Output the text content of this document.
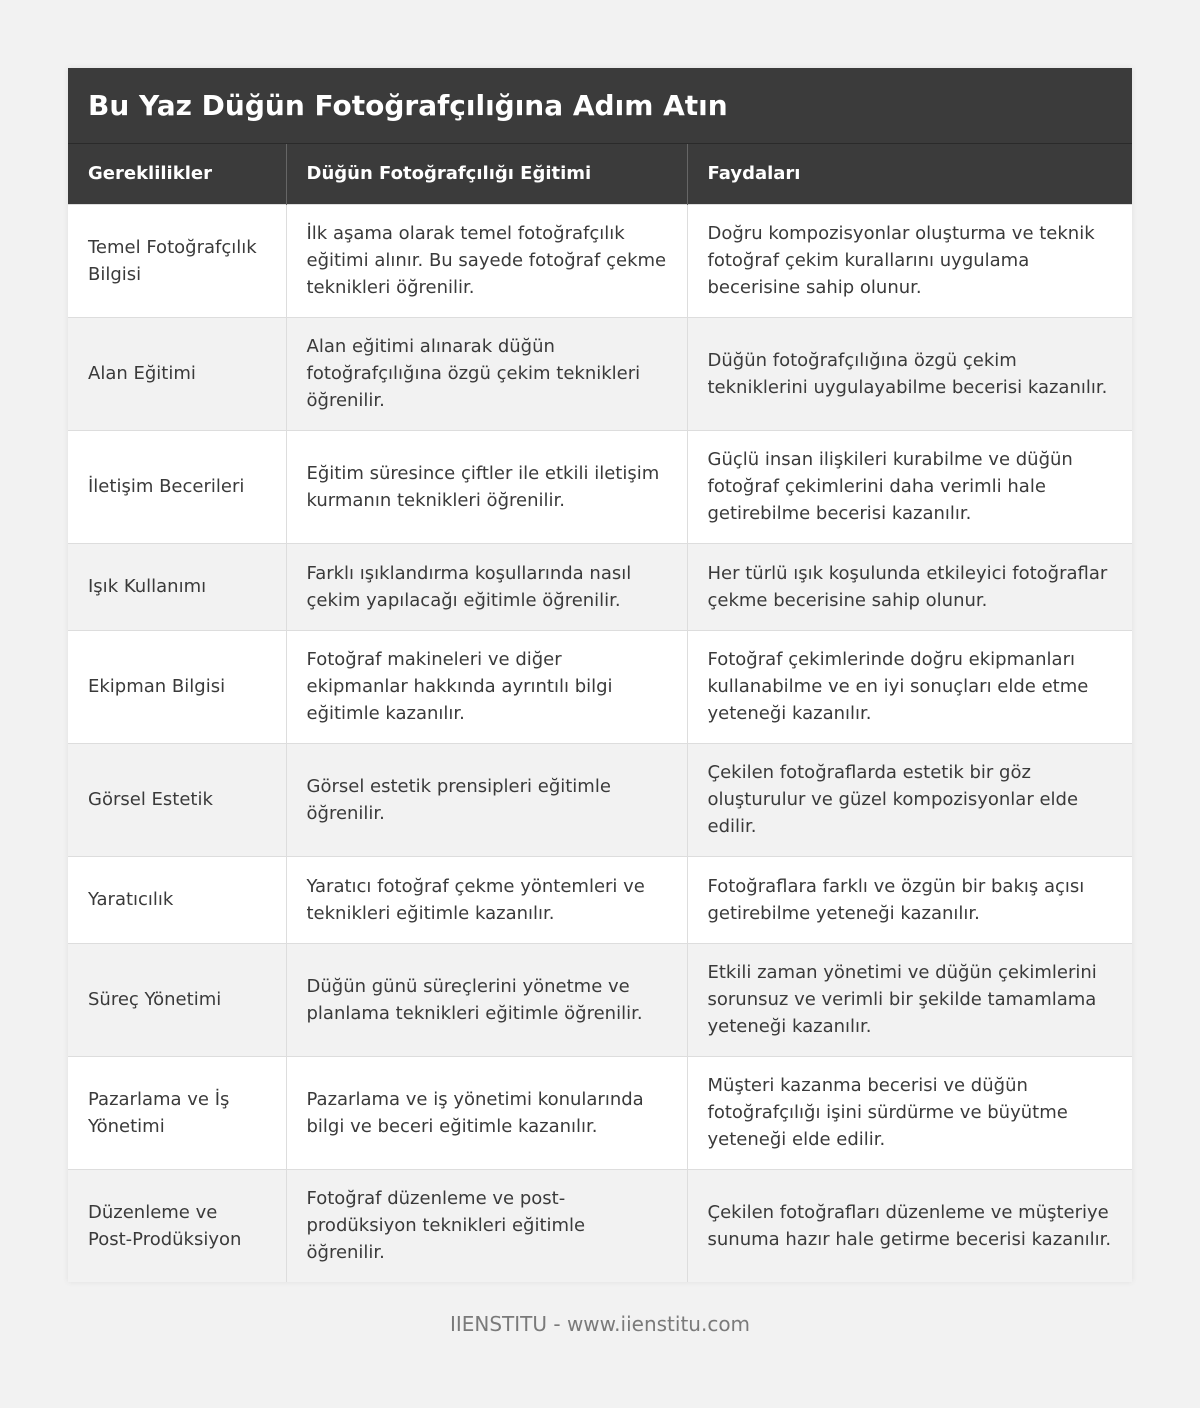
Bu Yaz Düğün Fotoğrafçılığına Adım Atın
Gereklilikler	Düğün Fotoğrafçılığı Eğitimi	Faydaları
Temel Fotoğrafçılık Bilgisi	İlk aşama olarak temel fotoğrafçılık eğitimi alınır. Bu sayede fotoğraf çekme teknikleri öğrenilir.	Doğru kompozisyonlar oluşturma ve teknik fotoğraf çekim kurallarını uygulama becerisine sahip olunur.
Alan Eğitimi	Alan eğitimi alınarak düğün fotoğrafçılığına özgü çekim teknikleri öğrenilir.	Düğün fotoğrafçılığına özgü çekim tekniklerini uygulayabilme becerisi kazanılır.
İletişim Becerileri	Eğitim süresince çiftler ile etkili iletişim kurmanın teknikleri öğrenilir.	Güçlü insan ilişkileri kurabilme ve düğün fotoğraf çekimlerini daha verimli hale getirebilme becerisi kazanılır.
Işık Kullanımı	Farklı ışıklandırma koşullarında nasıl çekim yapılacağı eğitimle öğrenilir.	Her türlü ışık koşulunda etkileyici fotoğraflar çekme becerisine sahip olunur.
Ekipman Bilgisi	Fotoğraf makineleri ve diğer ekipmanlar hakkında ayrıntılı bilgi eğitimle kazanılır.	Fotoğraf çekimlerinde doğru ekipmanları kullanabilme ve en iyi sonuçları elde etme yeteneği kazanılır.
Görsel Estetik	Görsel estetik prensipleri eğitimle öğrenilir.	Çekilen fotoğraflarda estetik bir göz oluşturulur ve güzel kompozisyonlar elde edilir.
Yaratıcılık	Yaratıcı fotoğraf çekme yöntemleri ve teknikleri eğitimle kazanılır.	Fotoğraflara farklı ve özgün bir bakış açısı getirebilme yeteneği kazanılır.
Süreç Yönetimi	Düğün günü süreçlerini yönetme ve planlama teknikleri eğitimle öğrenilir.	Etkili zaman yönetimi ve düğün çekimlerini sorunsuz ve verimli bir şekilde tamamlama yeteneği kazanılır.
Pazarlama ve İş Yönetimi	Pazarlama ve iş yönetimi konularında bilgi ve beceri eğitimle kazanılır.	Müşteri kazanma becerisi ve düğün fotoğrafçılığı işini sürdürme ve büyütme yeteneği elde edilir.
Düzenleme ve Post-Prodüksiyon	Fotoğraf düzenleme ve post-prodüksiyon teknikleri eğitimle öğrenilir.	Çekilen fotoğrafları düzenleme ve müşteriye sunuma hazır hale getirme becerisi kazanılır.
IIENSTITU - www.iienstitu.com
